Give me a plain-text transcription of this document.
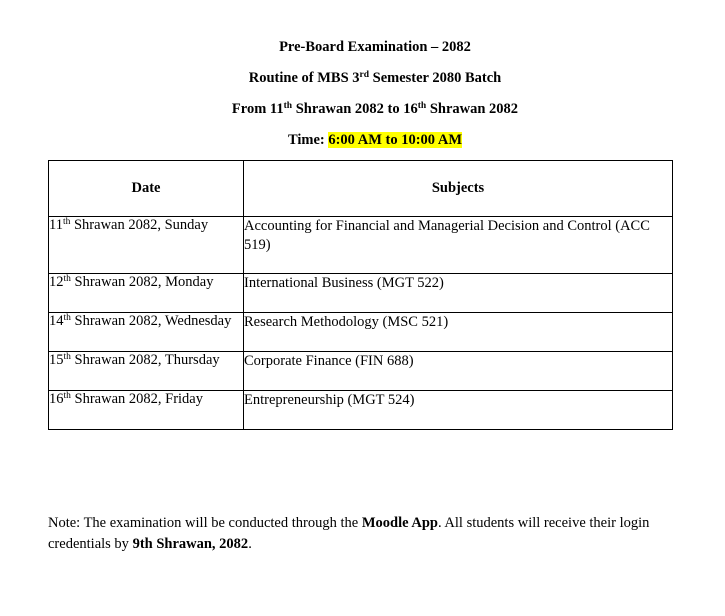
Pre-Board Examination – 2082
Routine of MBS 3rd Semester 2080 Batch
From 11th Shrawan 2082 to 16th Shrawan 2082
Time: 6:00 AM to 10:00 AM
Date	Subjects
11th Shrawan 2082, Sunday	Accounting for Financial and Managerial Decision and Control (ACC 519)
12th Shrawan 2082, Monday	International Business (MGT 522)
14th Shrawan 2082, Wednesday	Research Methodology (MSC 521)
15th Shrawan 2082, Thursday	Corporate Finance (FIN 688)
16th Shrawan 2082, Friday	Entrepreneurship (MGT 524)
Note: The examination will be conducted through the Moodle App. All students will receive their login credentials by 9th Shrawan, 2082.
